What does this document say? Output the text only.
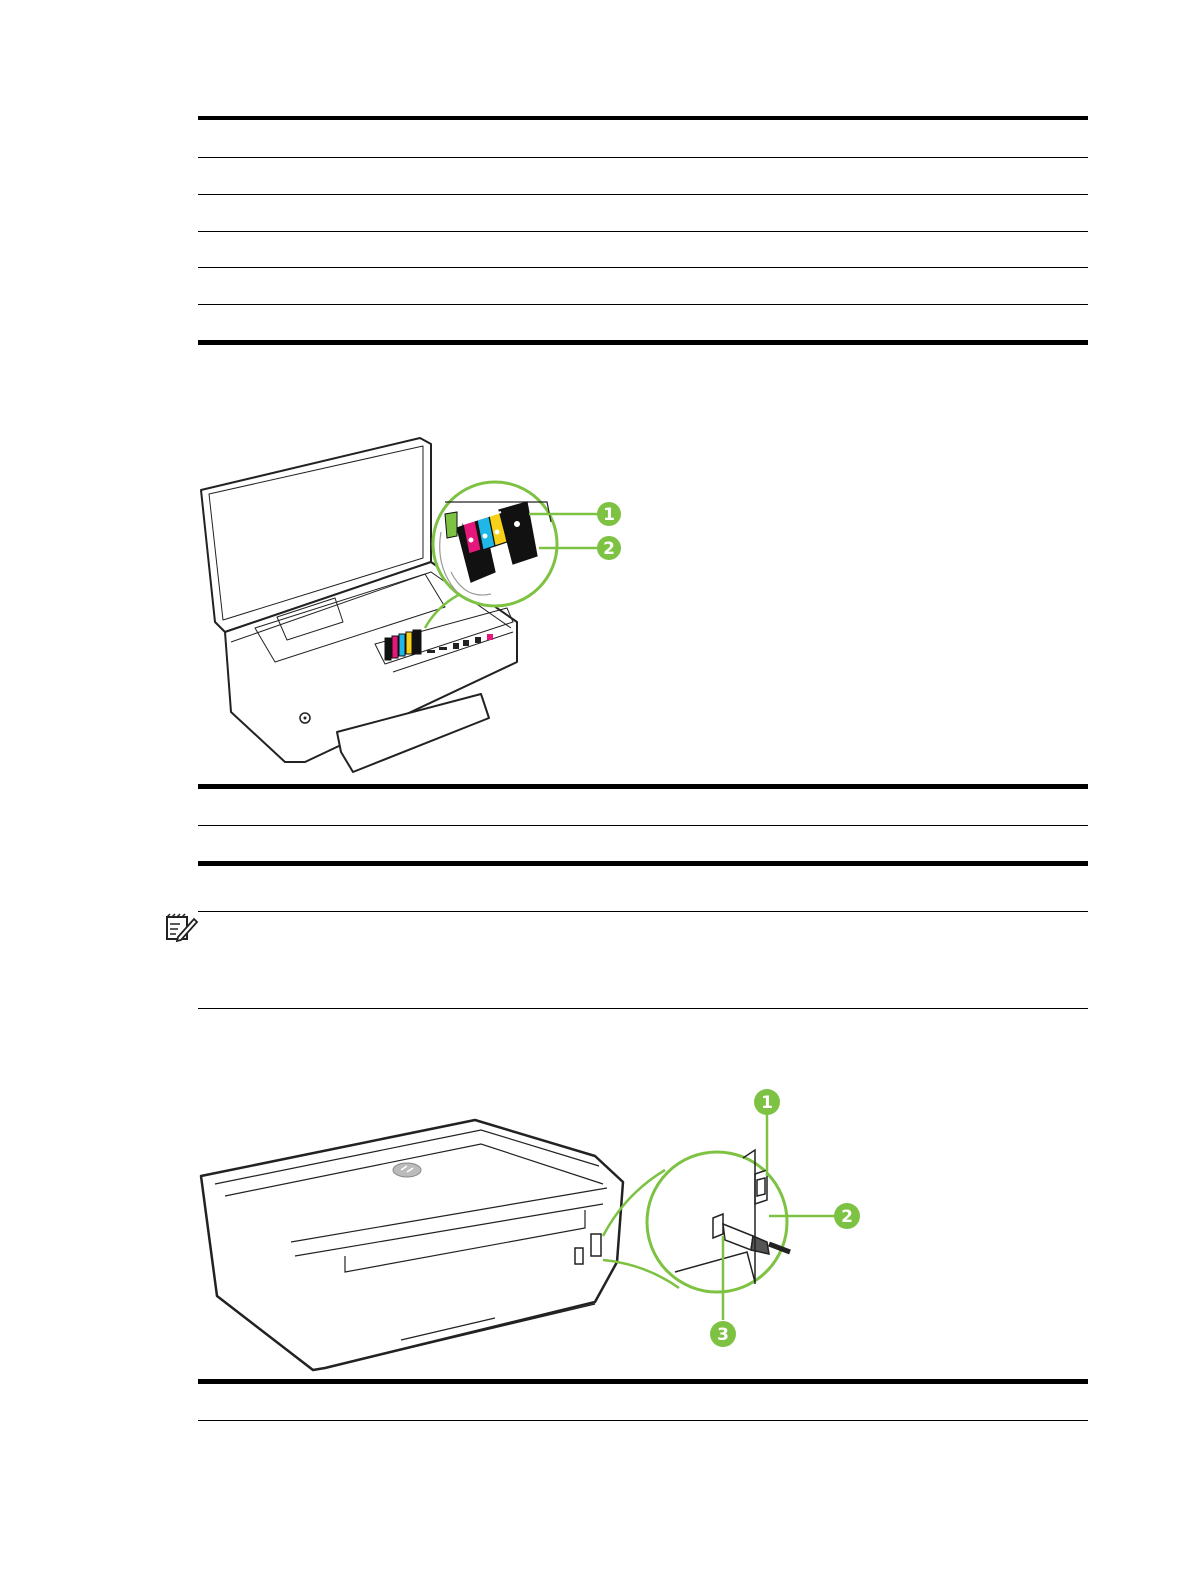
1
2
1
2
3
